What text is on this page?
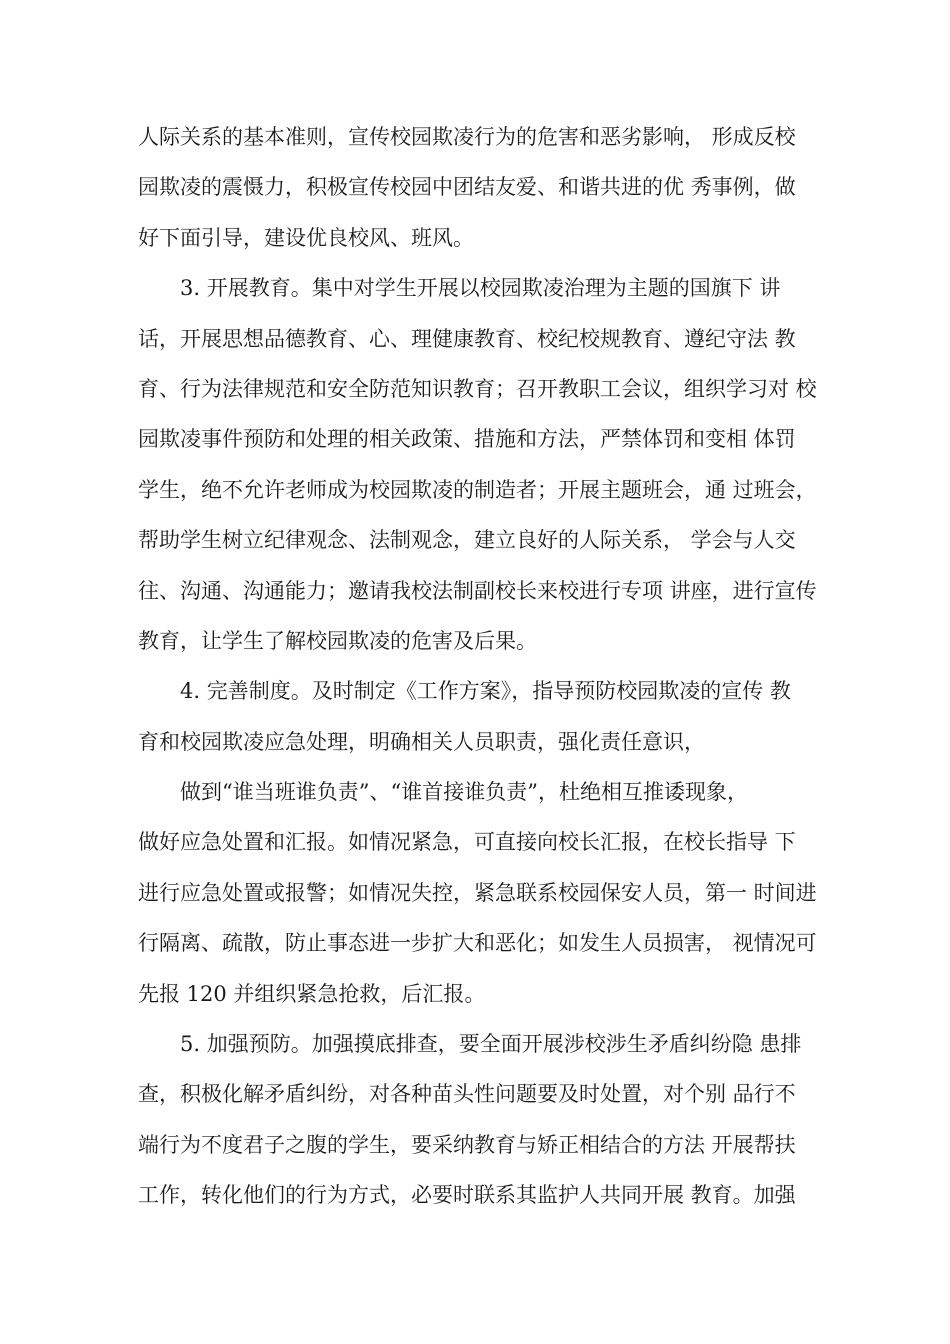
人际关系的基本准则，宣传校园欺凌行为的危害和恶劣影响， 形成反校
园欺凌的震慑力，积极宣传校园中团结友爱、和谐共进的优 秀事例，做
好下面引导，建设优良校风、班风。
　　3. 开展教育。集中对学生开展以校园欺凌治理为主题的国旗下 讲
话，开展思想品德教育、心、理健康教育、校纪校规教育、遵纪守法 教
育、行为法律规范和安全防范知识教育；召开教职工会议，组织学习对 校
园欺凌事件预防和处理的相关政策、措施和方法，严禁体罚和变相 体罚
学生，绝不允许老师成为校园欺凌的制造者；开展主题班会，通 过班会，
帮助学生树立纪律观念、法制观念，建立良好的人际关系， 学会与人交
往、沟通、沟通能力；邀请我校法制副校长来校进行专项 讲座，进行宣传
教育，让学生了解校园欺凌的危害及后果。
　　4. 完善制度。及时制定《工作方案》，指导预防校园欺凌的宣传 教
育和校园欺凌应急处理，明确相关人员职责，强化责任意识，
　　做到“谁当班谁负责”、“谁首接谁负责”，杜绝相互推诿现象，
做好应急处置和汇报。如情况紧急，可直接向校长汇报，在校长指导 下
进行应急处置或报警；如情况失控，紧急联系校园保安人员，第一 时间进
行隔离、疏散，防止事态进一步扩大和恶化；如发生人员损害， 视情况可
先报 120 并组织紧急抢救，后汇报。
　　5. 加强预防。加强摸底排查，要全面开展涉校涉生矛盾纠纷隐 患排
查，积极化解矛盾纠纷，对各种苗头性问题要及时处置，对个别 品行不
端行为不度君子之腹的学生，要采纳教育与矫正相结合的方法 开展帮扶
工作，转化他们的行为方式，必要时联系其监护人共同开展 教育。加强
